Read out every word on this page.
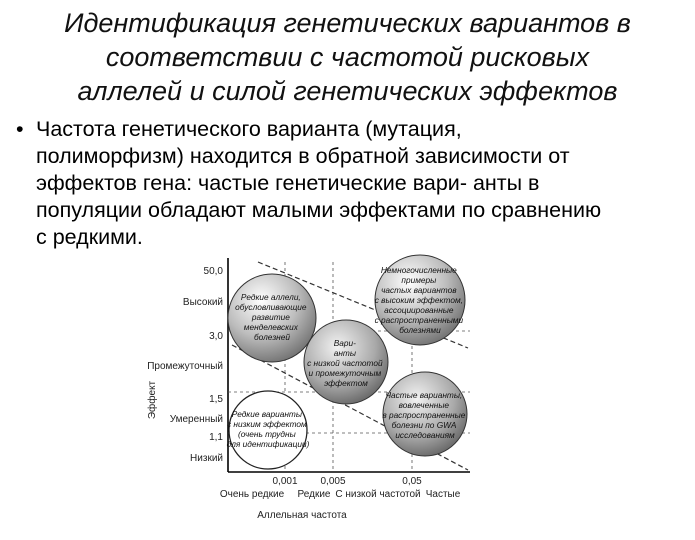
Идентификация генетических вариантов в
соответствии с частотой рисковых
аллелей и силой генетических эффектов
• Частота генетического варианта (мутация,
полиморфизм) находится в обратной зависимости от
эффектов гена: частые генетические вари- анты в
популяции обладают малыми эффектами по сравнению
с редкими.
Немногочисленные примеры частых вариантов с высоким эффектом, ассоциированные с распространенными болезнями
Редкие аллели, обусловливающие развитие менделевских болезней
Вари- анты с низкой частотой и промежуточным эффектом
Частые варианты, вовлеченные в распространенные болезни по GWA исследованиям
Редкие варианты с низким эффектом (очень трудны для идентификации)
50,0
Высокий
3,0
Промежуточный
1,5
Умеренный
1,1
Низкий
Эффект
0,001 0,005	0,05
Очень редкие Редкие С низкой частотой Частые
Аллельная частота
